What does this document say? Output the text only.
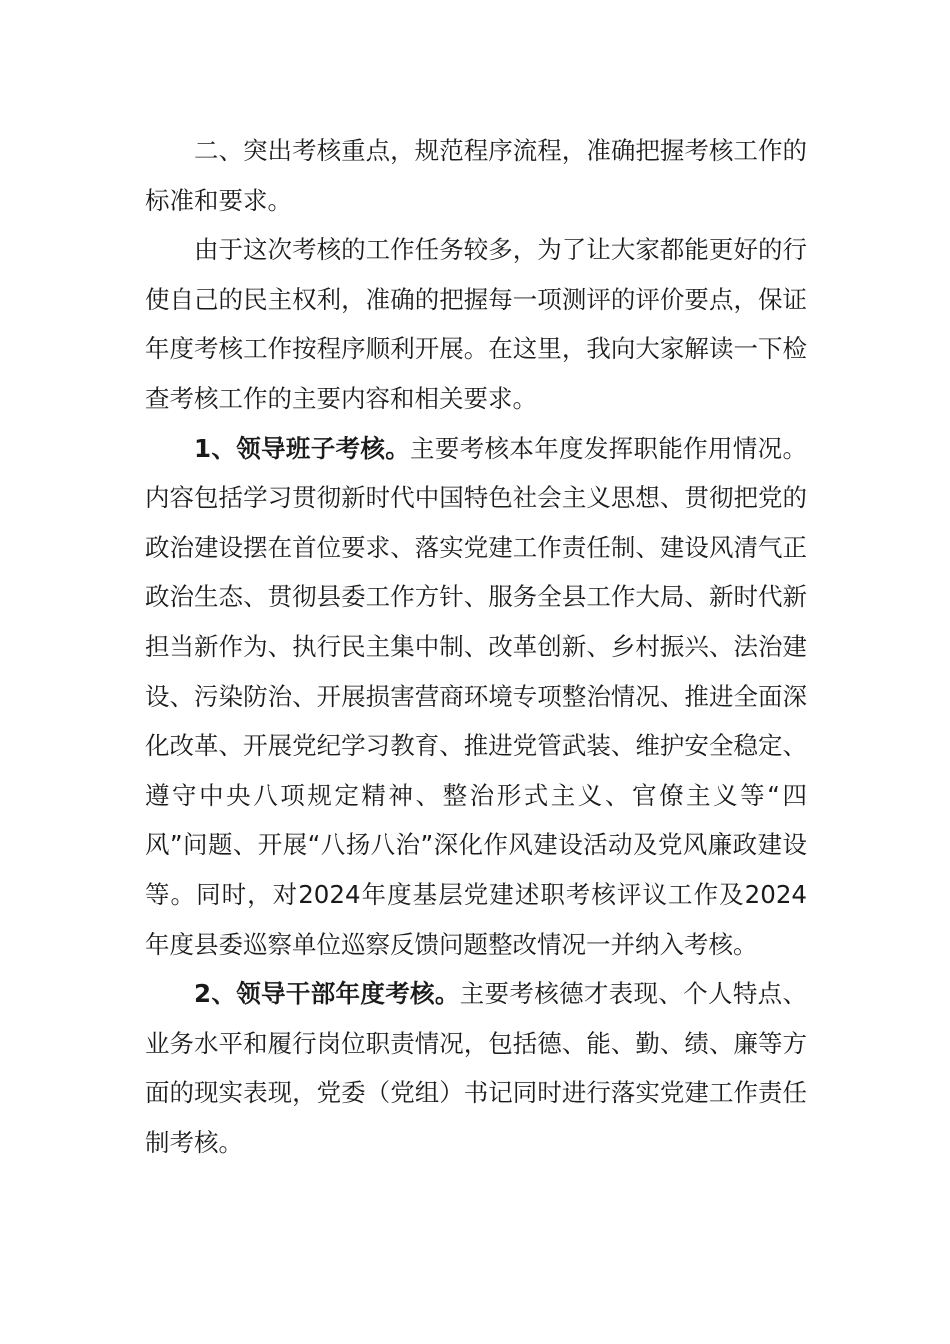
二、突出考核重点，规范程序流程，准确把握考核工作的标准和要求。

由于这次考核的工作任务较多，为了让大家都能更好的行使自己的民主权利，准确的把握每一项测评的评价要点，保证年度考核工作按程序顺利开展。在这里，我向大家解读一下检查考核工作的主要内容和相关要求。

1、领导班子考核。主要考核本年度发挥职能作用情况。内容包括学习贯彻新时代中国特色社会主义思想、贯彻把党的政治建设摆在首位要求、落实党建工作责任制、建设风清气正政治生态、贯彻县委工作方针、服务全县工作大局、新时代新担当新作为、执行民主集中制、改革创新、乡村振兴、法治建设、污染防治、开展损害营商环境专项整治情况、推进全面深化改革、开展党纪学习教育、推进党管武装、维护安全稳定、遵守中央八项规定精神、整治形式主义、官僚主义等“四风”问题、开展“八扬八治”深化作风建设活动及党风廉政建设等。同时，对2024年度基层党建述职考核评议工作及2024年度县委巡察单位巡察反馈问题整改情况一并纳入考核。

2、领导干部年度考核。主要考核德才表现、个人特点、业务水平和履行岗位职责情况，包括德、能、勤、绩、廉等方面的现实表现，党委（党组）书记同时进行落实党建工作责任制考核。
